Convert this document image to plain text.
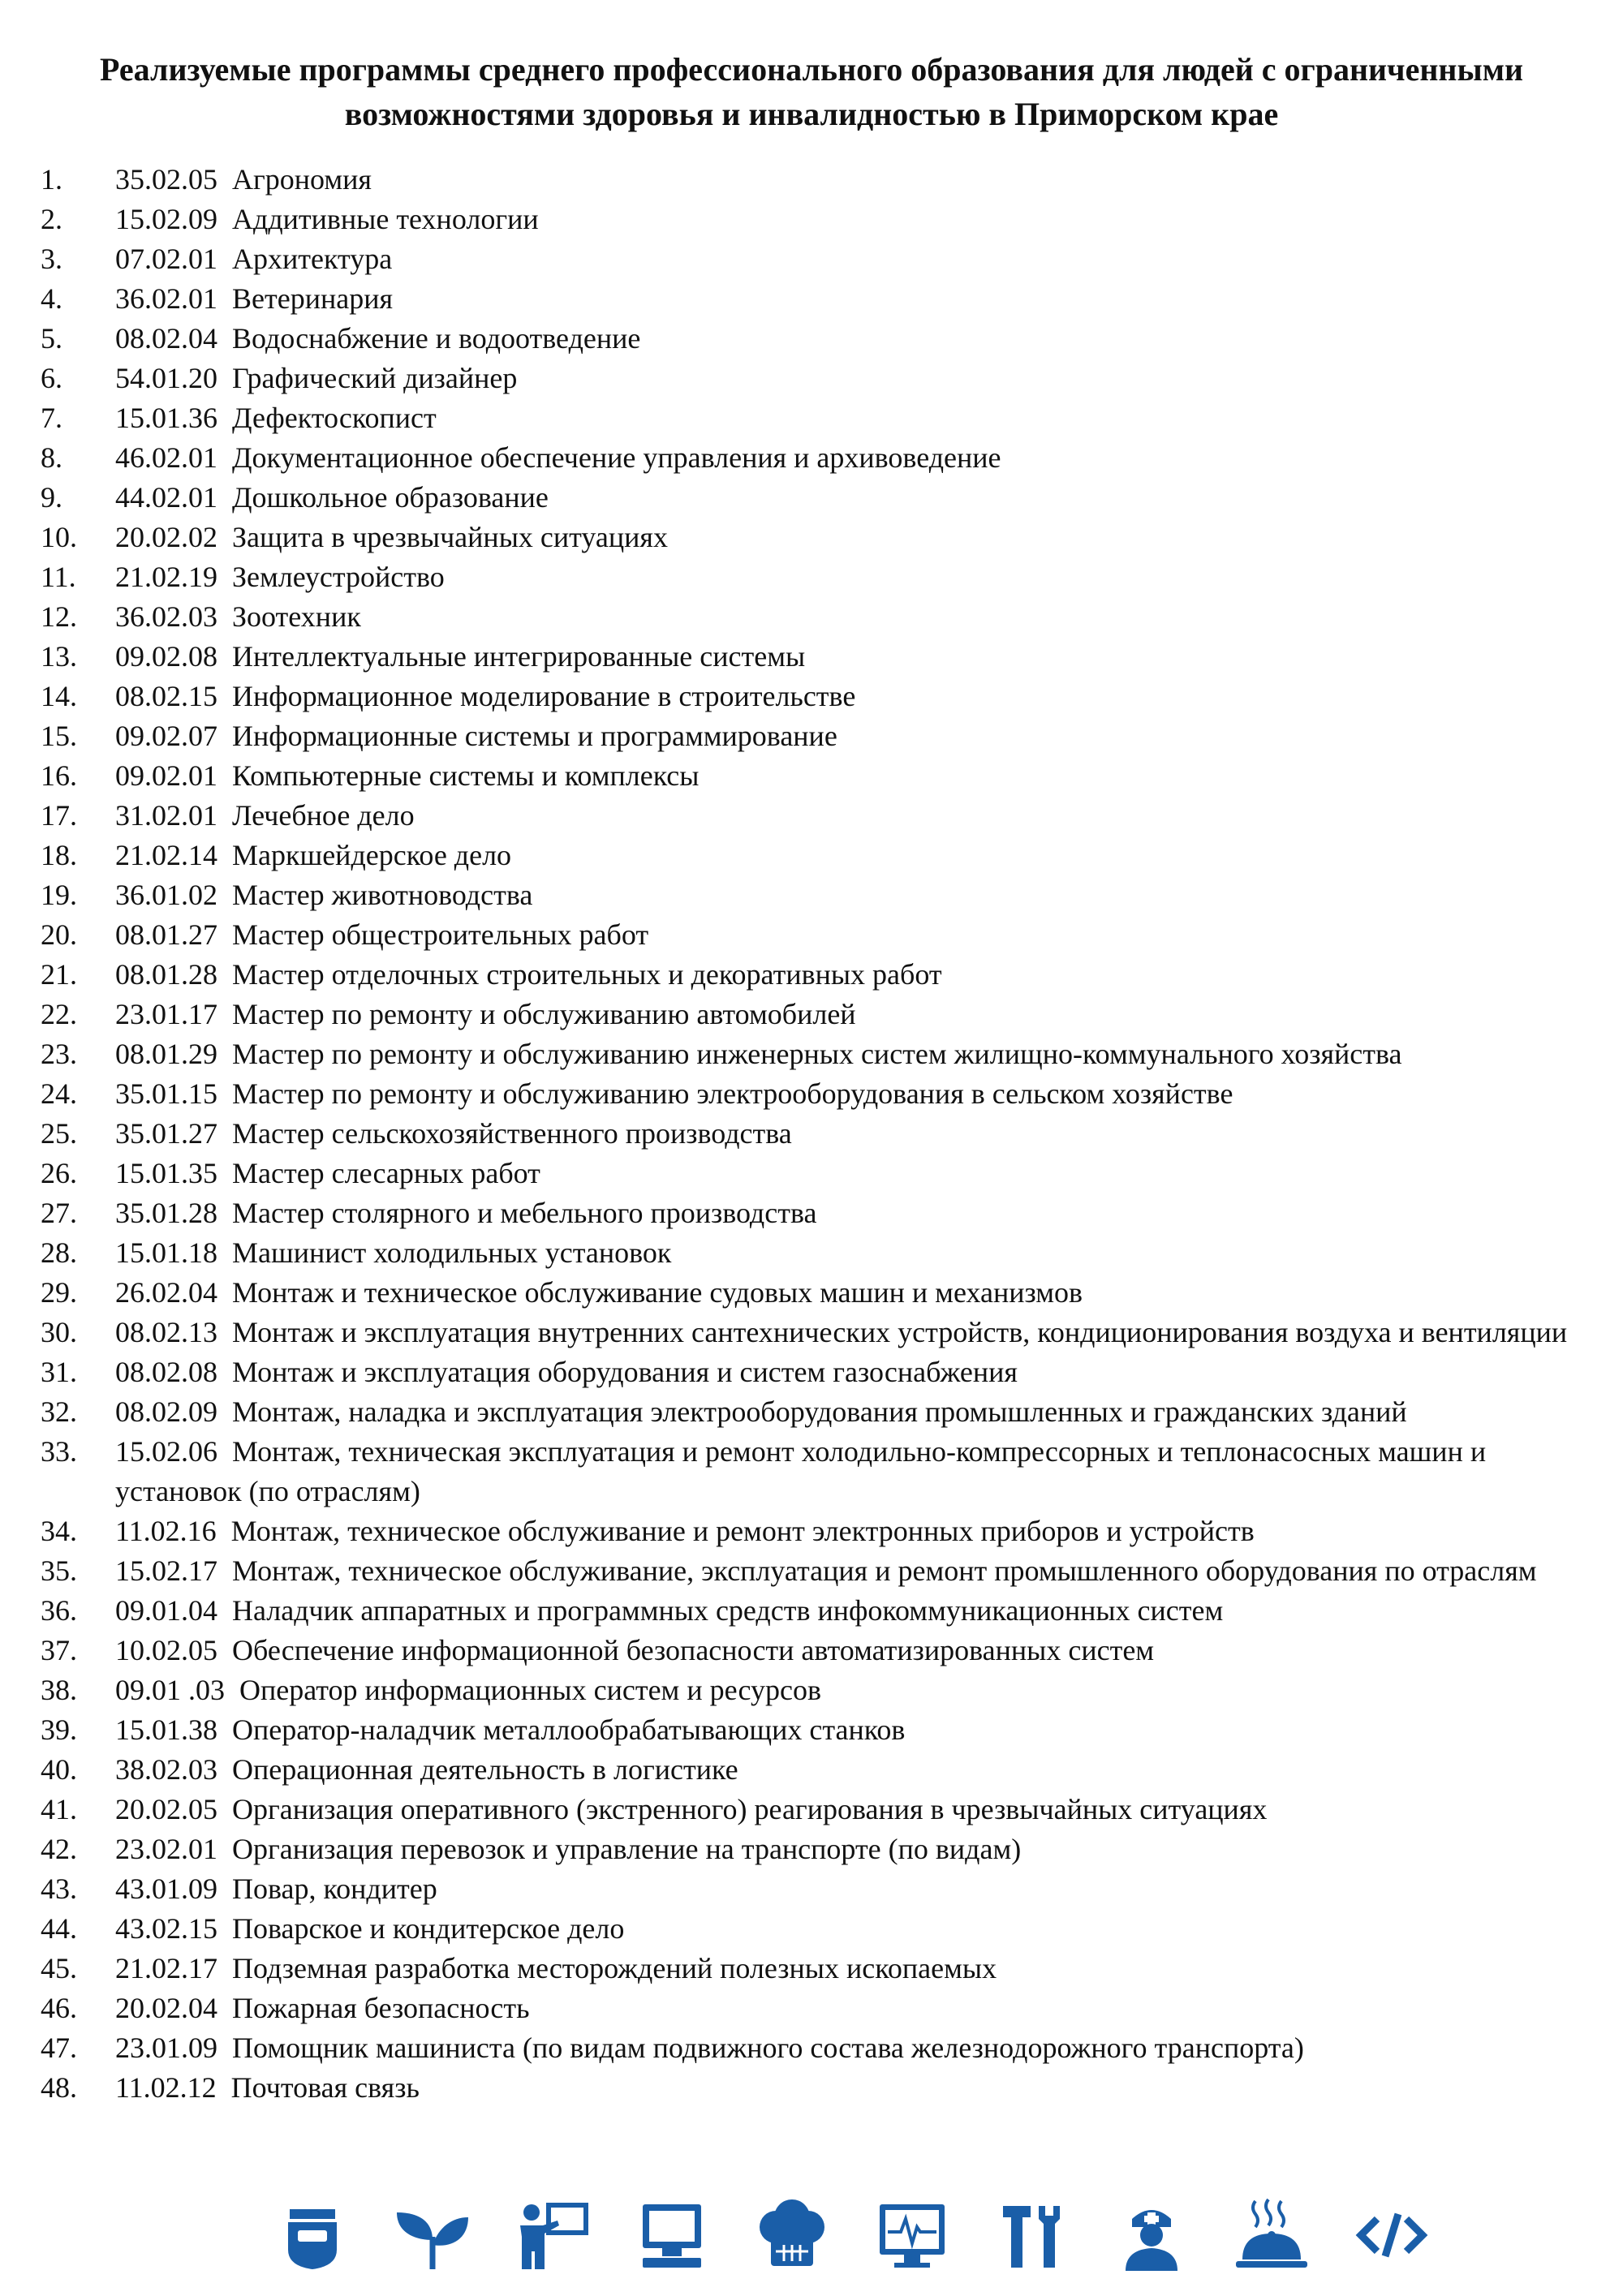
Реализуемые программы среднего профессионального образования для людей с ограниченными возможностями здоровья и инвалидностью в Приморском крае
1.	35.02.05 Агрономия
2.	15.02.09 Аддитивные технологии
3.	07.02.01 Архитектура
4.	36.02.01 Ветеринария
5.	08.02.04 Водоснабжение и водоотведение
6.	54.01.20 Графический дизайнер
7.	15.01.36 Дефектоскопист
8.	46.02.01 Документационное обеспечение управления и архивоведение
9.	44.02.01 Дошкольное образование
10.	20.02.02 Защита в чрезвычайных ситуациях
11.	21.02.19 Землеустройство
12.	36.02.03 Зоотехник
13.	09.02.08 Интеллектуальные интегрированные системы
14.	08.02.15 Информационное моделирование в строительстве
15.	09.02.07 Информационные системы и программирование
16.	09.02.01 Компьютерные системы и комплексы
17.	31.02.01 Лечебное дело
18.	21.02.14 Маркшейдерское дело
19.	36.01.02 Мастер животноводства
20.	08.01.27 Мастер общестроительных работ
21.	08.01.28 Мастер отделочных строительных и декоративных работ
22.	23.01.17 Мастер по ремонту и обслуживанию автомобилей
23.	08.01.29 Мастер по ремонту и обслуживанию инженерных систем жилищно-коммунального хозяйства
24.	35.01.15 Мастер по ремонту и обслуживанию электрооборудования в сельском хозяйстве
25.	35.01.27 Мастер сельскохозяйственного производства
26.	15.01.35 Мастер слесарных работ
27.	35.01.28 Мастер столярного и мебельного производства
28.	15.01.18 Машинист холодильных установок
29.	26.02.04 Монтаж и техническое обслуживание судовых машин и механизмов
30.	08.02.13 Монтаж и эксплуатация внутренних сантехнических устройств, кондиционирования воздуха и вентиляции
31.	08.02.08 Монтаж и эксплуатация оборудования и систем газоснабжения
32.	08.02.09 Монтаж, наладка и эксплуатация электрооборудования промышленных и гражданских зданий
33.	15.02.06 Монтаж, техническая эксплуатация и ремонт холодильно-компрессорных и теплонасосных машин и установок (по отраслям)
34.	11.02.16 Монтаж, техническое обслуживание и ремонт электронных приборов и устройств
35.	15.02.17 Монтаж, техническое обслуживание, эксплуатация и ремонт промышленного оборудования по отраслям
36.	09.01.04 Наладчик аппаратных и программных средств инфокоммуникационных систем
37.	10.02.05 Обеспечение информационной безопасности автоматизированных систем
38.	09.01 .03 Оператор информационных систем и ресурсов
39.	15.01.38 Оператор-наладчик металлообрабатывающих станков
40.	38.02.03 Операционная деятельность в логистике
41.	20.02.05 Организация оперативного (экстренного) реагирования в чрезвычайных ситуациях
42.	23.02.01 Организация перевозок и управление на транспорте (по видам)
43.	43.01.09 Повар, кондитер
44.	43.02.15 Поварское и кондитерское дело
45.	21.02.17 Подземная разработка месторождений полезных ископаемых
46.	20.02.04 Пожарная безопасность
47.	23.01.09 Помощник машиниста (по видам подвижного состава железнодорожного транспорта)
48.	11.02.12 Почтовая связь
